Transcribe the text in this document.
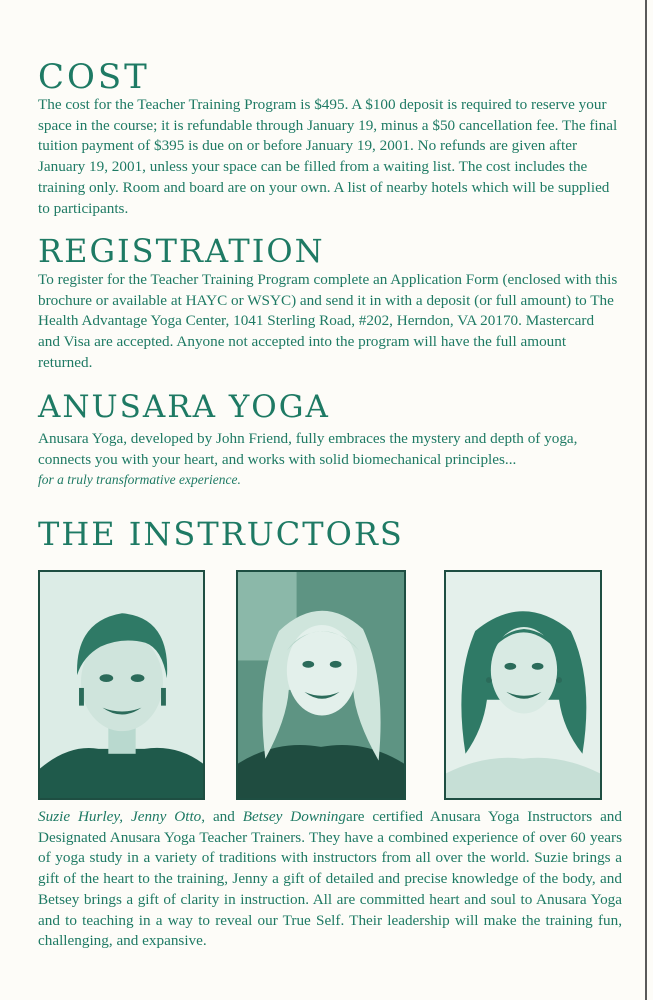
COST

The cost for the Teacher Training Program is $495. A $100 deposit is required to reserve your space in the course; it is refundable through January 19, minus a $50 cancellation fee. The final tuition payment of $395 is due on or before January 19, 2001. No refunds are given after January 19, 2001, unless your space can be filled from a waiting list. The cost includes the training only. Room and board are on your own. A list of nearby hotels which will be supplied to participants.

REGISTRATION

To register for the Teacher Training Program complete an Application Form (enclosed with this brochure or available at HAYC or WSYC) and send it in with a deposit (or full amount) to The Health Advantage Yoga Center, 1041 Sterling Road, #202, Herndon, VA 20170. Mastercard and Visa are accepted. Anyone not accepted into the program will have the full amount returned.

ANUSARA YOGA

Anusara Yoga, developed by John Friend, fully embraces the mystery and depth of yoga, connects you with your heart, and works with solid biomechanical principles...
for a truly transformative experience.

THE INSTRUCTORS

Suzie Hurley, Jenny Otto, and Betsey Downingare certified Anusara Yoga Instructors and Designated Anusara Yoga Teacher Trainers. They have a combined experience of over 60 years of yoga study in a variety of traditions with instructors from all over the world. Suzie brings a gift of the heart to the training, Jenny a gift of detailed and precise knowledge of the body, and Betsey brings a gift of clarity in instruction. All are committed heart and soul to Anusara Yoga and to teaching in a way to reveal our True Self. Their leadership will make the training fun, challenging, and expansive.
